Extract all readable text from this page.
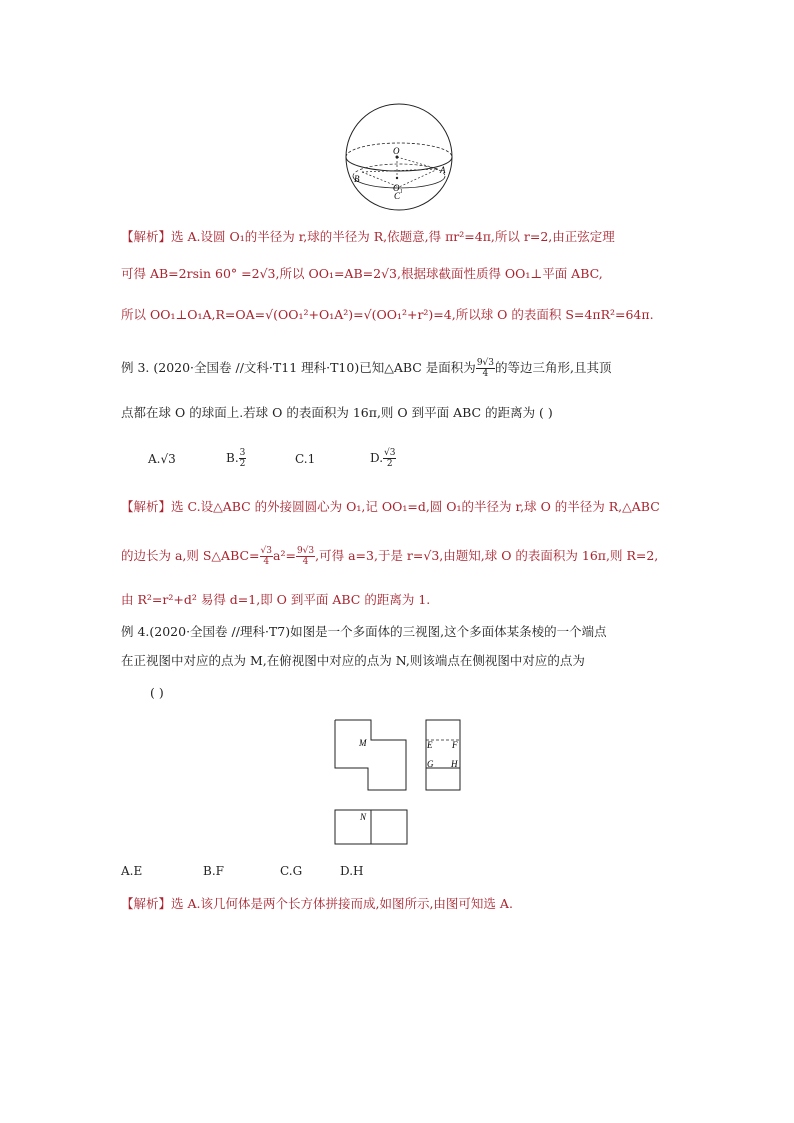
O
A
B
C
O₁
【解析】选 A.设圆 O₁的半径为 r,球的半径为 R,依题意,得 πr²=4π,所以 r=2,由正弦定理
可得 AB=2rsin 60° =2√3,所以 OO₁=AB=2√3,根据球截面性质得 OO₁⊥平面 ABC,
所以 OO₁⊥O₁A,R=OA=√(OO₁²+O₁A²)=√(OO₁²+r²)=4,所以球 O 的表面积 S=4πR²=64π.
例 3. (2020·全国卷 //文科·T11 理科·T10)已知△ABC 是面积为 $\frac{9√3}{4}$ 的等边三角形,且其顶
点都在球 O 的球面上.若球 O 的表面积为 16π,则 O 到平面 ABC 的距离为 ( )
A.√3	B. $\frac{3}{2}$	C.1	D. $\frac{√3}{2}$
【解析】选 C.设△ABC 的外接圆圆心为 O₁,记 OO₁=d,圆 O₁的半径为 r,球 O 的半径为 R,△ABC
的边长为 a,则 S△ABC= $\frac{√3}{4} a^2= \frac{9√3}{4}$ ,可得 a=3,于是 r=√3,由题知,球 O 的表面积为 16π,则 R=2,
由 R²=r²+d² 易得 d=1,即 O 到平面 ABC 的距离为 1.
例 4.(2020·全国卷 //理科·T7)如图是一个多面体的三视图,这个多面体某条棱的一个端点
在正视图中对应的点为 M,在俯视图中对应的点为 N,则该端点在侧视图中对应的点为
( )
M	E F
G H
N
A.E	B.F	C.G	D.H
【解析】选 A.该几何体是两个长方体拼接而成,如图所示,由图可知选 A.
